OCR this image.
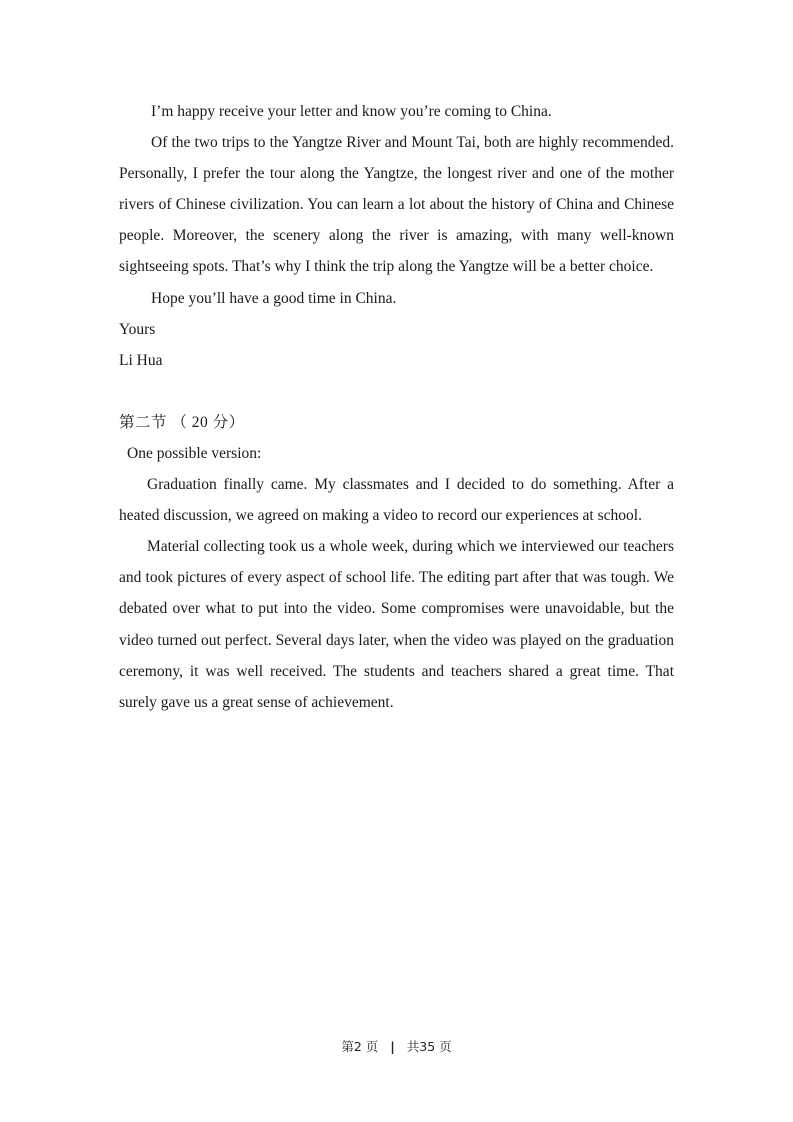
I’m happy receive your letter and know you’re coming to China.

Of the two trips to the Yangtze River and Mount Tai, both are highly recommended. Personally, I prefer the tour along the Yangtze, the longest river and one of the mother rivers of Chinese civilization. You can learn a lot about the history of China and Chinese people. Moreover, the scenery along the river is amazing, with many well-known sightseeing spots. That’s why I think the trip along the Yangtze will be a better choice.

Hope you’ll have a good time in China.

Yours

Li Hua

第二节 （ 20 分）

One possible version:

Graduation finally came. My classmates and I decided to do something. After a heated discussion, we agreed on making a video to record our experiences at school.

Material collecting took us a whole week, during which we interviewed our teachers and took pictures of every aspect of school life. The editing part after that was tough. We debated over what to put into the video. Some compromises were unavoidable, but the video turned out perfect. Several days later, when the video was played on the graduation ceremony, it was well received. The students and teachers shared a great time. That surely gave us a great sense of achievement.

第2 页 | 共35 页
